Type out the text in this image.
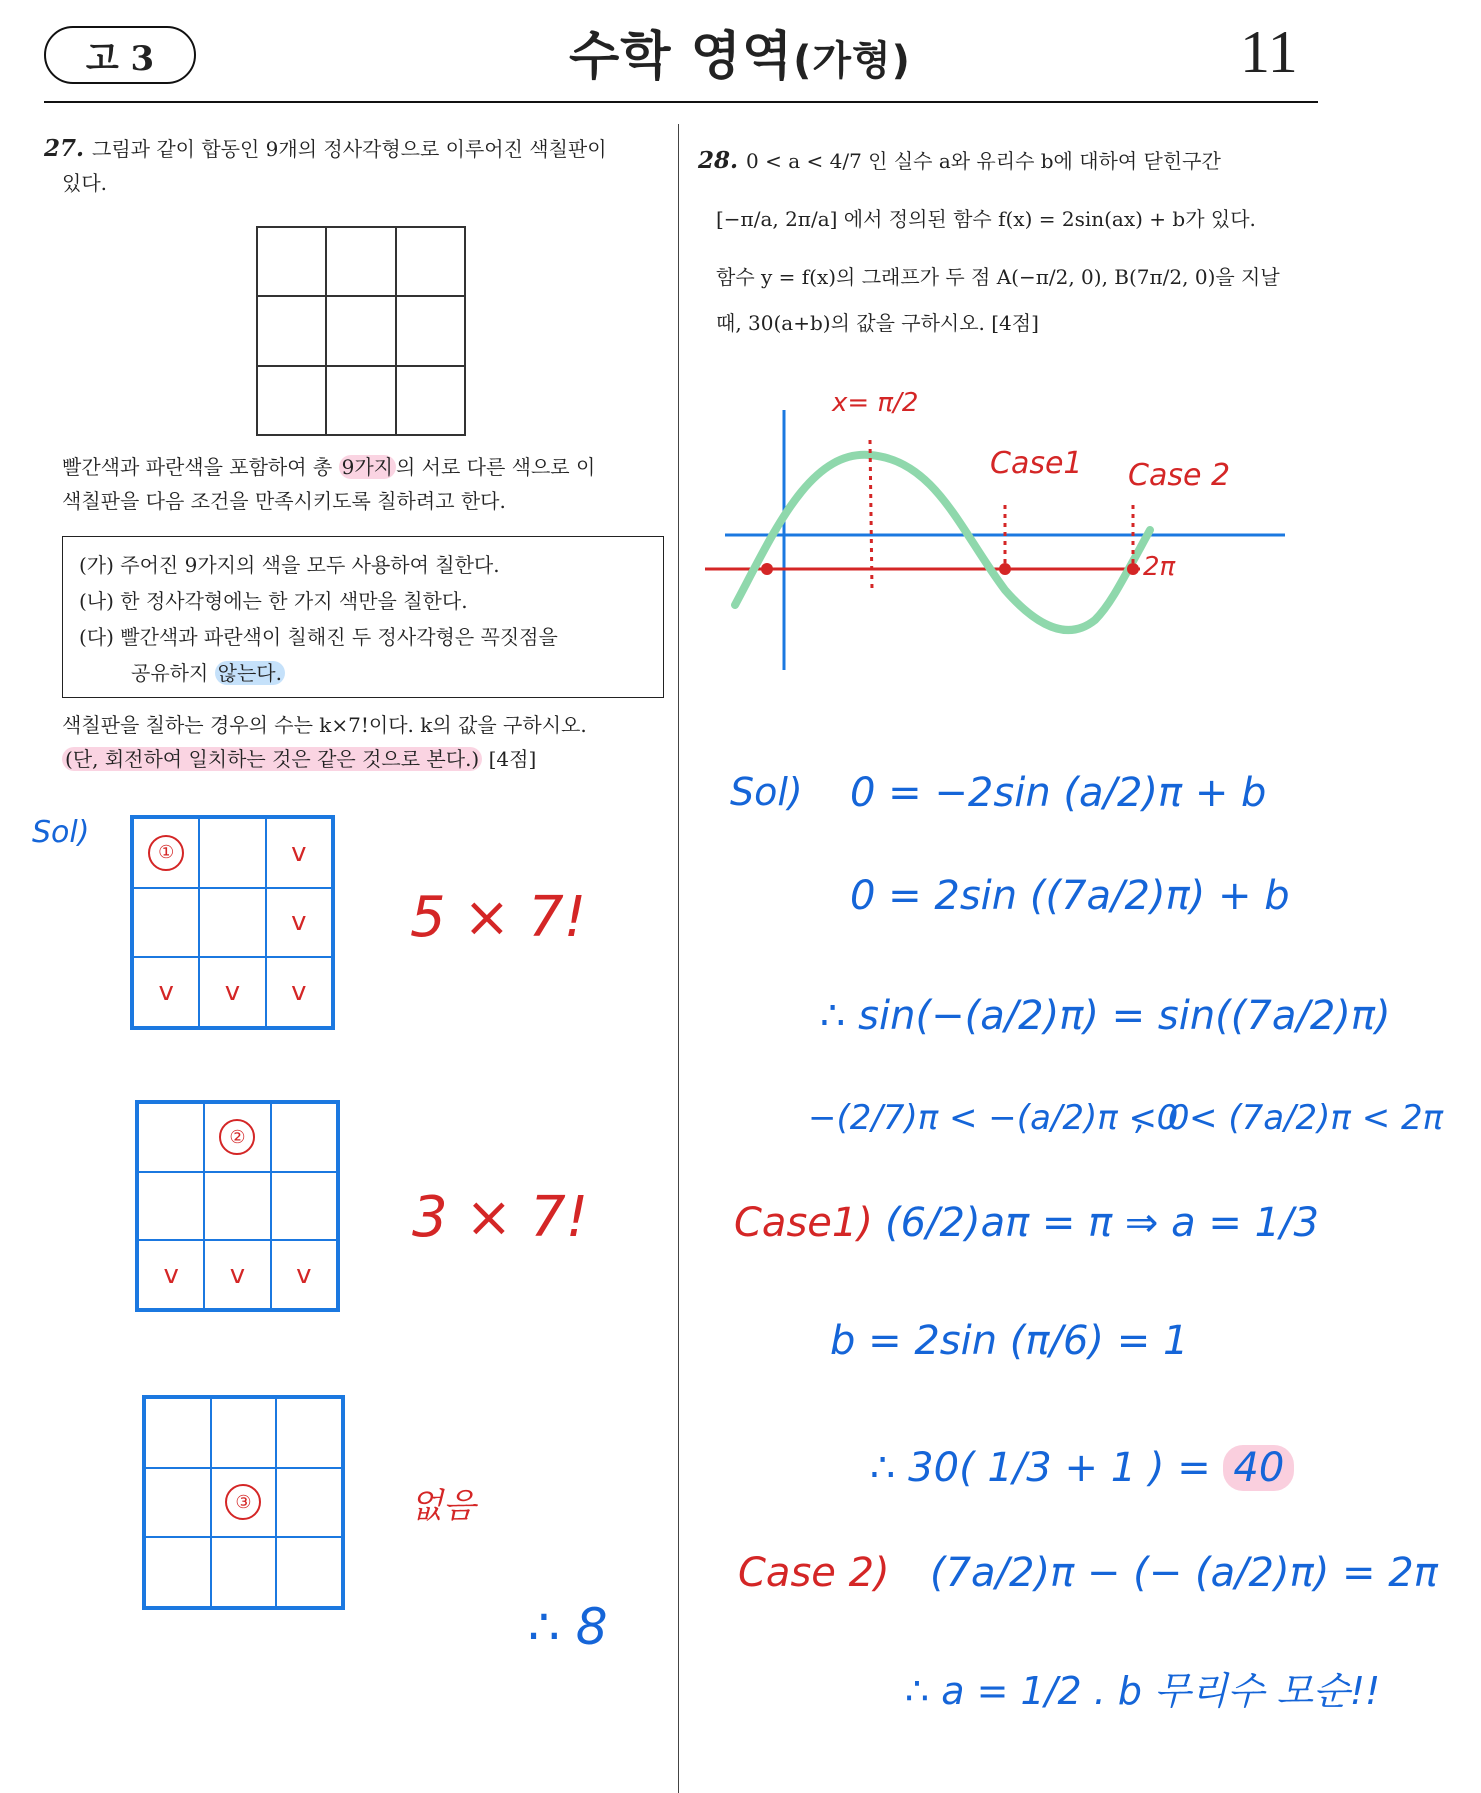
고 3	수학 영역(가형)	11
27. 그림과 같이 합동인 9개의 정사각형으로 이루어진 색칠판이
있다.
빨간색과 파란색을 포함하여 총 9가지 의 서로 다른 색으로 이
색칠판을 다음 조건을 만족시키도록 칠하려고 한다.
(가) 주어진 9가지의 색을 모두 사용하여 칠한다.
(나) 한 정사각형에는 한 가지 색만을 칠한다.
(다) 빨간색과 파란색이 칠해진 두 정사각형은 꼭짓점을
공유하지 않는다.
색칠판을 칠하는 경우의 수는 k×7!이다. k의 값을 구하시오.
(단, 회전하여 일치하는 것은 같은 것으로 본다.) [4점]
28. 0 < a < 4/7 인 실수 a와 유리수 b에 대하여 닫힌구간
[−π/a, 2π/a] 에서 정의된 함수 f(x) = 2sin(ax) + b가 있다.
함수 y = f(x)의 그래프가 두 점 A(−π/2, 0), B(7π/2, 0)을 지날
때, 30(a+b)의 값을 구하시오. [4점]
x= π/2
Case1 Case 2
2π
Sol)
①	v
v
v	v	v
5 × 7!
②
v	v	v
3 × 7!
③	없음
∴ 8
Sol) 0 = −2sin (a/2)π + b
0 = 2sin ((7a/2)π) + b
∴ sin(−(a/2)π) = sin((7a/2)π)
−(2/7)π < −(a/2)π < 0
, 0 < (7a/2)π < 2π
Case1) (6/2)aπ = π ⇒ a = 1/3
b = 2sin (π/6) = 1
∴ 30( 1/3 + 1 ) = 40
Case 2) (7a/2)π − (− (a/2)π) = 2π
∴ a = 1/2 . b 무리수 모순!!
